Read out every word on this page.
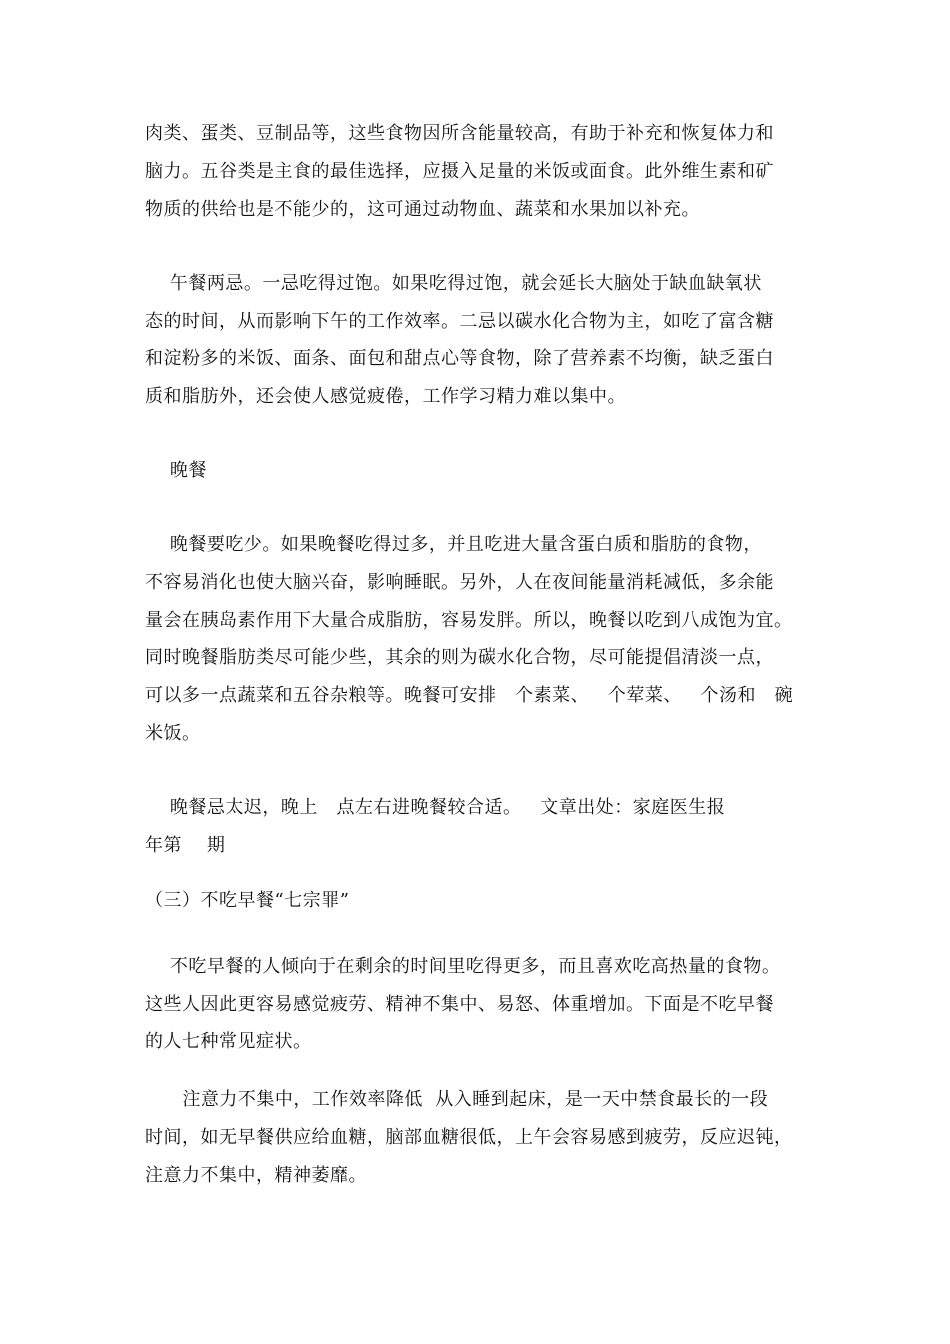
肉类、蛋类、豆制品等，这些食物因所含能量较高，有助于补充和恢复体力和
脑力。五谷类是主食的最佳选择，应摄入足量的米饭或面食。此外维生素和矿
物质的供给也是不能少的，这可通过动物血、蔬菜和水果加以补充。
午餐两忌。一忌吃得过饱。如果吃得过饱，就会延长大脑处于缺血缺氧状
态的时间，从而影响下午的工作效率。二忌以碳水化合物为主，如吃了富含糖
和淀粉多的米饭、面条、面包和甜点心等食物，除了营养素不均衡，缺乏蛋白
质和脂肪外，还会使人感觉疲倦，工作学习精力难以集中。
晚餐
晚餐要吃少。如果晚餐吃得过多，并且吃进大量含蛋白质和脂肪的食物，
不容易消化也使大脑兴奋，影响睡眠。另外，人在夜间能量消耗减低，多余能
量会在胰岛素作用下大量合成脂肪，容易发胖。所以，晚餐以吃到八成饱为宜。
同时晚餐脂肪类尽可能少些，其余的则为碳水化合物，尽可能提倡清淡一点，
可以多一点蔬菜和五谷杂粮等。晚餐可安排   个素菜、   个荤菜、   个汤和   碗
米饭。
晚餐忌太迟，晚上   点左右进晚餐较合适。   文章出处：家庭医生报
年第    期
（三）不吃早餐“七宗罪”
不吃早餐的人倾向于在剩余的时间里吃得更多，而且喜欢吃高热量的食物。
这些人因此更容易感觉疲劳、精神不集中、易怒、体重增加。下面是不吃早餐
的人七种常见症状。
注意力不集中，工作效率降低  从入睡到起床，是一天中禁食最长的一段
时间，如无早餐供应给血糖，脑部血糖很低，上午会容易感到疲劳，反应迟钝，
注意力不集中，精神萎靡。
